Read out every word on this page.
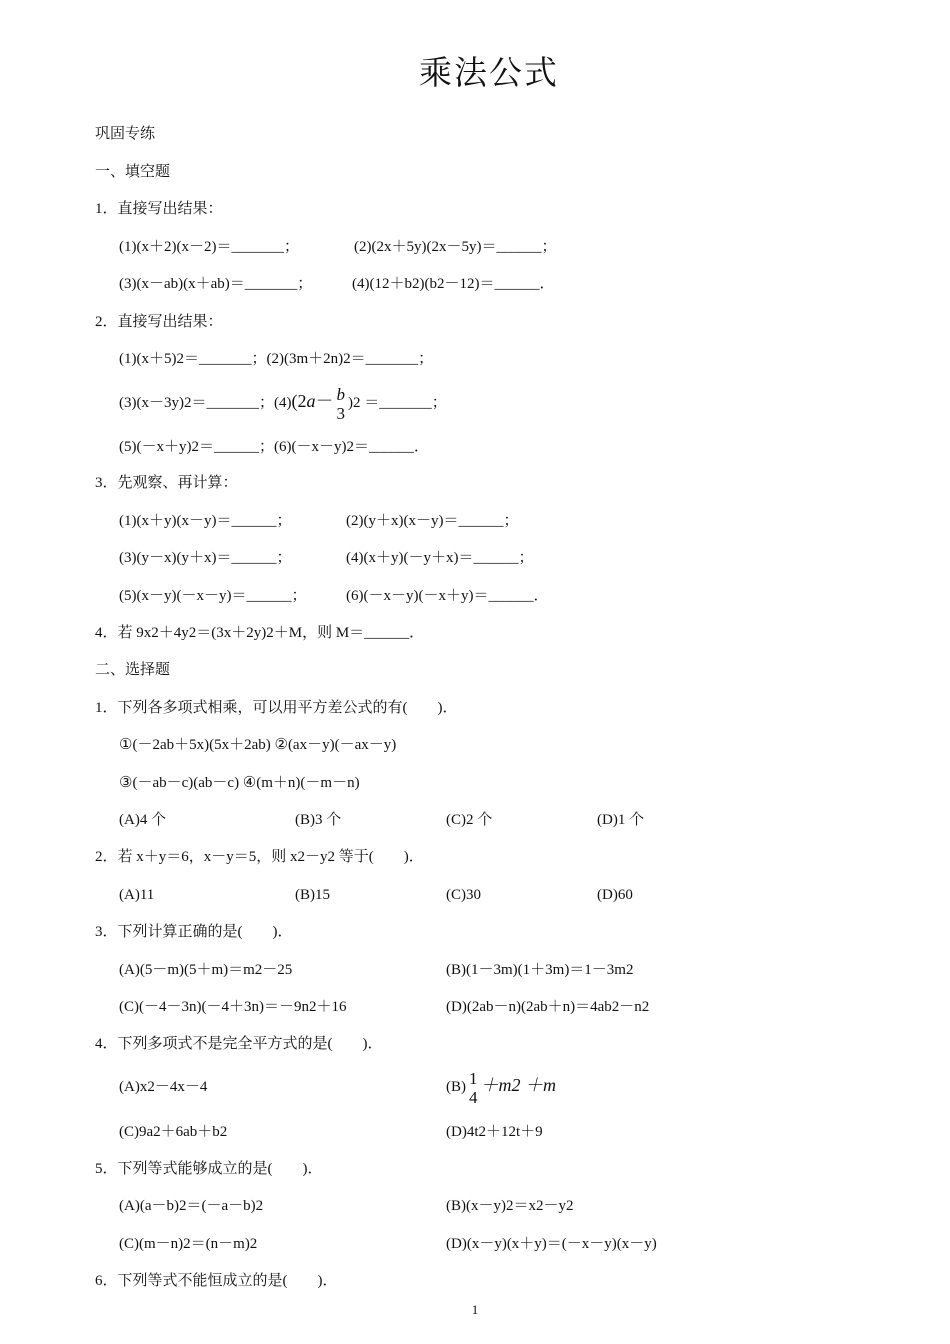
乘法公式
巩固专练
一、填空题
1．直接写出结果：
(1)(x＋2)(x－2)＝_______；	(2)(2x＋5y)(2x－5y)＝______；
(3)(x－ab)(x＋ab)＝_______；	(4)(12＋b2)(b2－12)＝______．
2．直接写出结果：
(1)(x＋5)2＝_______；(2)(3m＋2n)2＝_______；
(3)(x－3y)2＝_______；(4)(2a－ b
3
)2 ＝_______；
(5)(－x＋y)2＝______；(6)(－x－y)2＝______．
3．先观察、再计算：
(1)(x＋y)(x－y)＝______；	(2)(y＋x)(x－y)＝______；
(3)(y－x)(y＋x)＝______；	(4)(x＋y)(－y＋x)＝______；
(5)(x－y)(－x－y)＝______；	(6)(－x－y)(－x＋y)＝______．
4．若 9x2＋4y2＝(3x＋2y)2＋M，则 M＝______．
二、选择题
1．下列各多项式相乘，可以用平方差公式的有(　　)．
①(－2ab＋5x)(5x＋2ab) ②(ax－y)(－ax－y)
③(－ab－c)(ab－c) ④(m＋n)(－m－n)
(A)4 个	(B)3 个	(C)2 个	(D)1 个
2．若 x＋y＝6，x－y＝5，则 x2－y2 等于(　　)．
(A)11	(B)15	(C)30	(D)60
3．下列计算正确的是(　　)．
(A)(5－m)(5＋m)＝m2－25	(B)(1－3m)(1＋3m)＝1－3m2
(C)(－4－3n)(－4＋3n)＝－9n2＋16	(D)(2ab－n)(2ab＋n)＝4ab2－n2
4．下列多项式不是完全平方式的是(　　)．
(A)x2－4x－4	(B) 1
4
＋m2 ＋m
(C)9a2＋6ab＋b2	(D)4t2＋12t＋9
5．下列等式能够成立的是(　　)．
(A)(a－b)2＝(－a－b)2	(B)(x－y)2＝x2－y2
(C)(m－n)2＝(n－m)2	(D)(x－y)(x＋y)＝(－x－y)(x－y)
6．下列等式不能恒成立的是(　　)．
1
